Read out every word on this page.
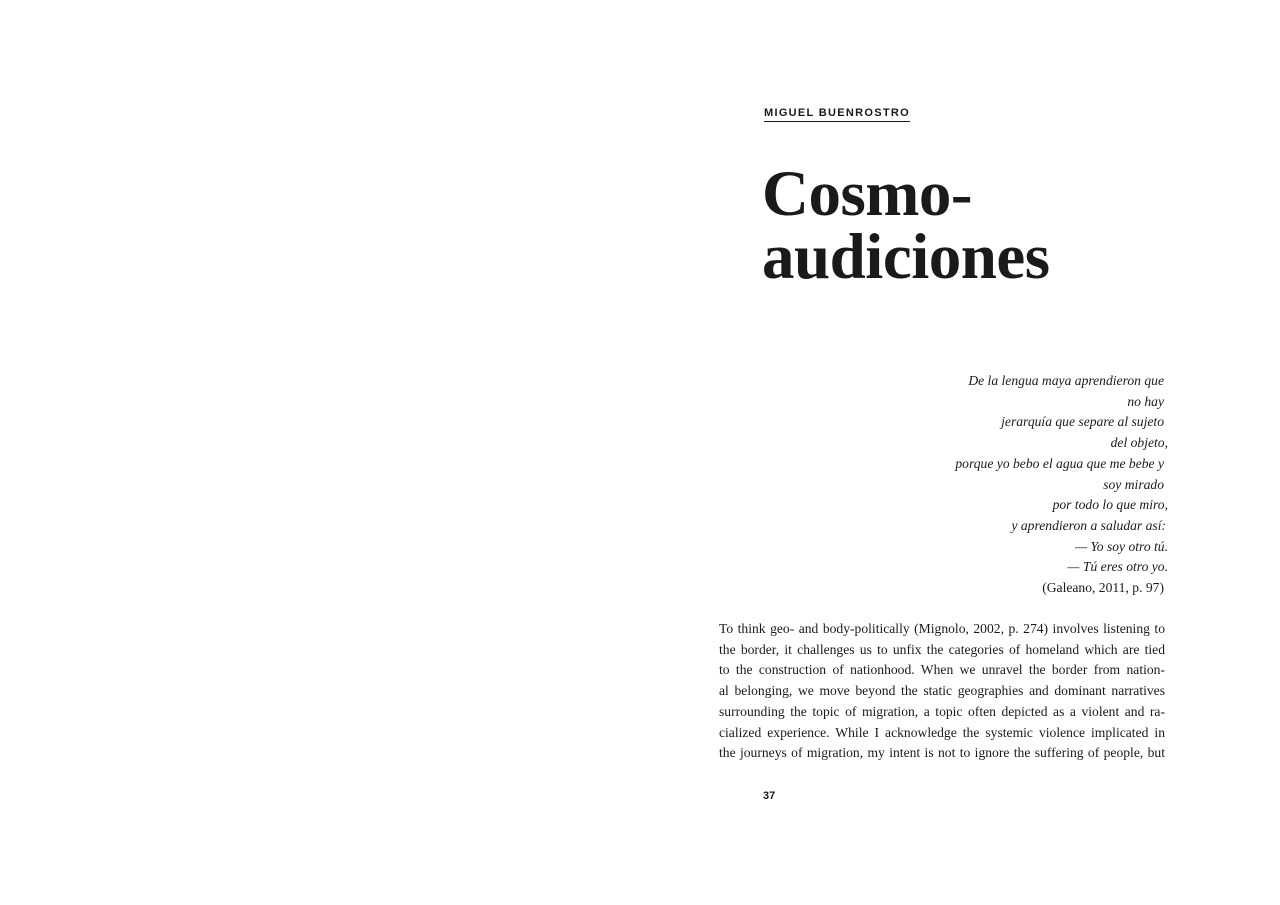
MIGUEL BUENROSTRO
Cosmo-
audiciones
De la lengua maya aprendieron que
no hay
jerarquía que separe al sujeto
del objeto,
porque yo bebo el agua que me bebe y
soy mirado
por todo lo que miro,
y aprendieron a saludar así:
— Yo soy otro tú.
— Tú eres otro yo.
(Galeano, 2011, p. 97)
To think geo- and body-politically (Mignolo, 2002, p. 274) involves listening to
the border, it challenges us to unfix the categories of homeland which are tied
to the construction of nationhood. When we unravel the border from nation-
al belonging, we move beyond the static geographies and dominant narratives
surrounding the topic of migration, a topic often depicted as a violent and ra-
cialized experience. While I acknowledge the systemic violence implicated in
the journeys of migration, my intent is not to ignore the suffering of people, but
37
